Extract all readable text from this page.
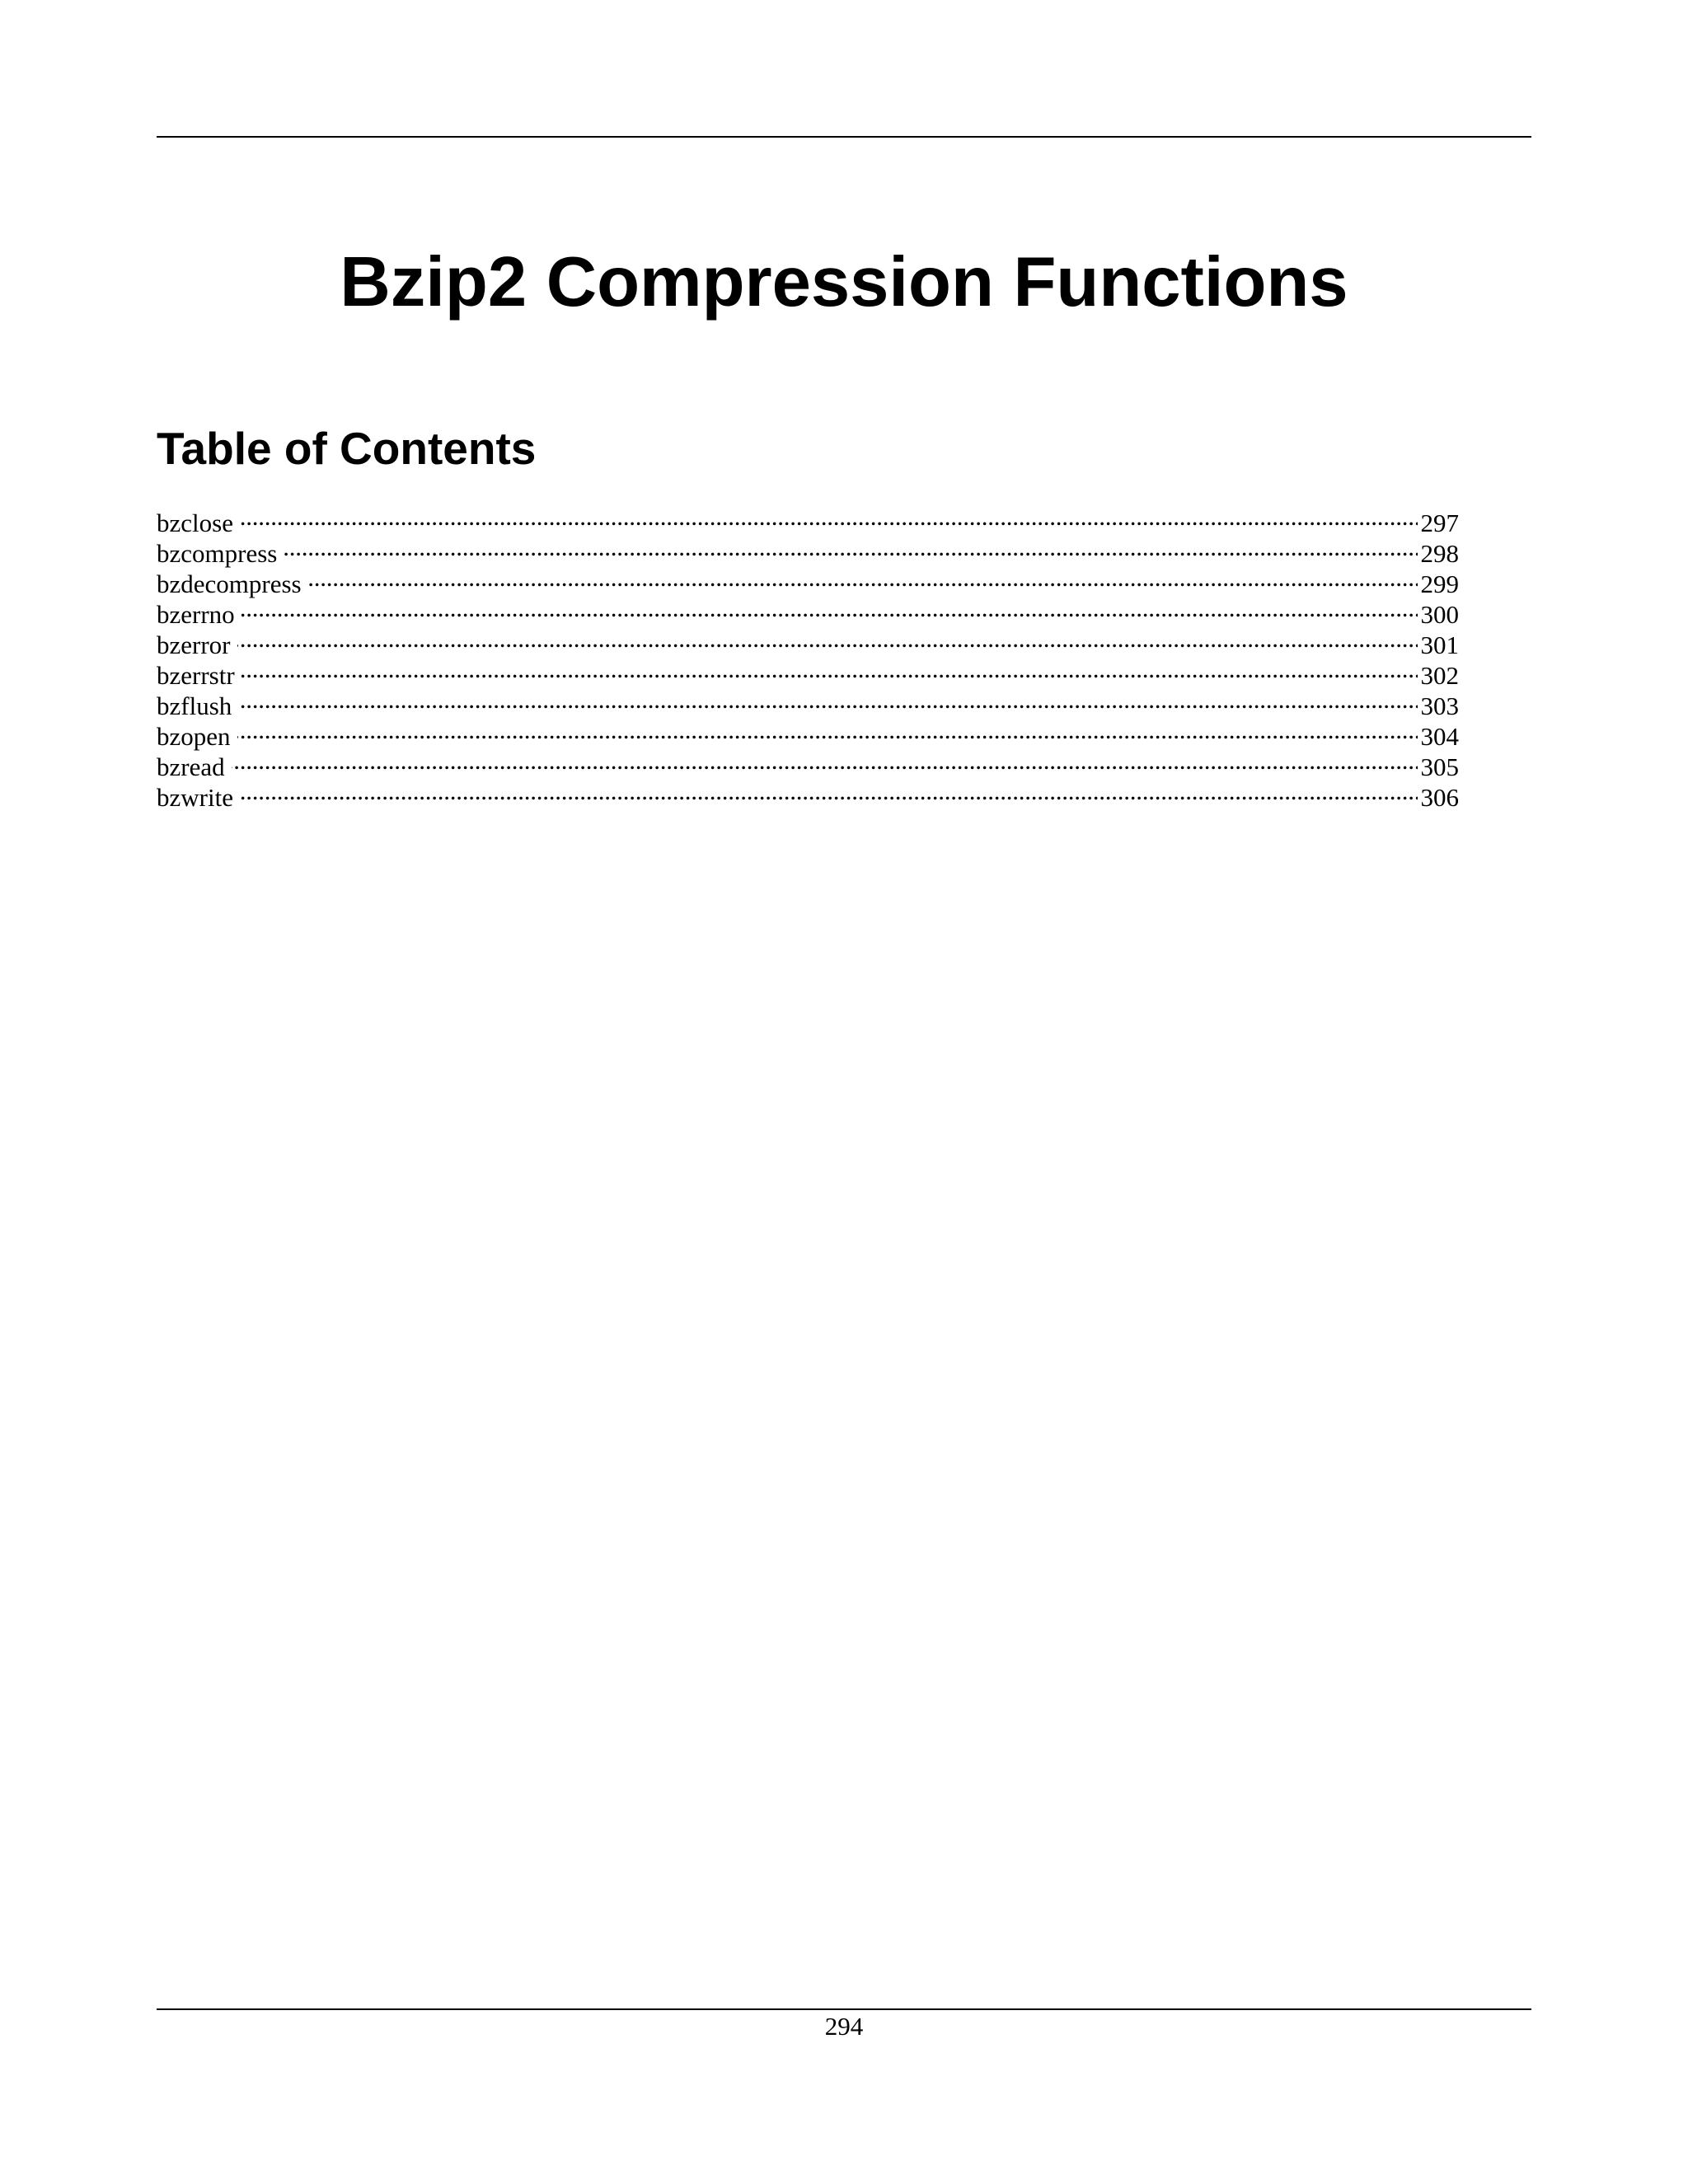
Bzip2 Compression Functions
Table of Contents
bzclose . . .	297
bzcompress . . .	298
bzdecompress . . .	299
bzerrno . . .	300
bzerror . . .	301
bzerrstr . . .	302
bzflush . . .	303
bzopen . . .	304
bzread . . .	305
bzwrite . . .	306
294
